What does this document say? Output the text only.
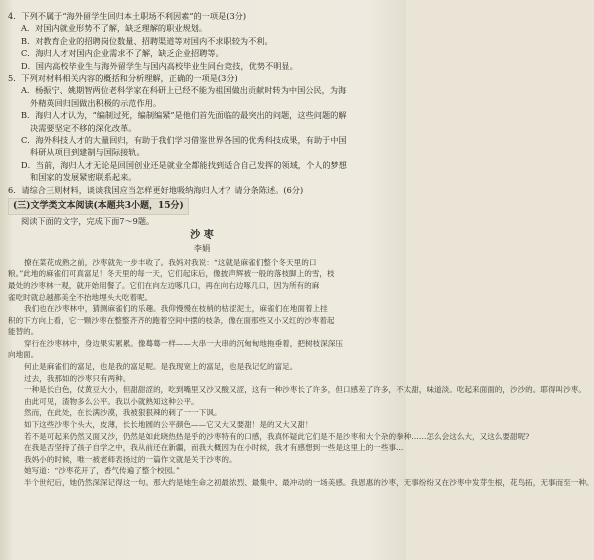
4．下列不属于“海外留学生回归本土职场不利因素”的一项是(3分)
A．对国内就业形势不了解，缺乏理解的职业规划。
B．对教育企业的招聘岗位数量、招聘渠道等对国内不求职较为不利。
C．海归人才对国内企业需求不了解，缺乏企业招聘等。
D．国内高校毕业生与海外留学生与国内高校毕业生同台竞技，优势不明显。
5．下列对材料相关内容的概括和分析理解，正确的一项是(3分)
A．杨振宁、姚期智两位老科学家在科研上已经不能为祖国做出贡献时转为中国公民，为海
外精英回归国做出积极的示范作用。
B．海归人才认为，“编制过死，编制编紧”是他们首先面临的最突出的问题，这些问题的解
决需要坚定不移的深化改革。
C．海外科技人才的大量回归，有助于我们学习借鉴世界各国的优秀科技成果，有助于中国
科研从项目到建制与国际接轨。
D．当前，海归人才无论是回国创业还是就业全都能找到适合自己发挥的领域，个人的梦想
和国家的发展紧密联系起来。
6．请综合三则材料，谈谈我国应当怎样更好地吸纳海归人才？请分条陈述。(6分)
(三)文学类文本阅读(本题共3小题，15分)
阅读下面的文字，完成下面7～9题。
沙 枣
李娟
撩在菜花成熟之前，沙枣就先一步丰收了。我妈对我说：“这就是麻雀们整个冬天里的口
粮。”此地的麻雀们可真富足！冬天里的每一天，它们起床后，像披声辉被一般的落枝脚上的雪，枝
最处的沙枣林一观，就开始用餐了。它们在向左边啄几口，再在向右边啄几口，因为所有的麻
雀吃时就总越都美全不抬地埋头大吃着呢。
我们也在沙枣林中，猜测麻雀们的乐趣。我仰慢慢在枝梢的枯涩泥土，麻雀们在地面着上挂
积的下方向上看，它一颗沙枣在整整齐齐的跑着空间中摆的枝条，像在面那些又小又红的沙枣着起
能替的。
穿行在沙枣林中，身边果实累累。像蓦蓦一样——大串一大串的沉甸甸地拖垂着，把树枝深深压
向地面。
何止是麻雀们的富足，也是我的富足呢。是我现宽上的富足，也是我记忆的富足。
过去，我那如的沙枣只有两种。
一种是长白色，仗黄豆大小，但甜甜涩的，吃到嘴里又沙又酸又涩，这有一种沙枣长了许多，但口感差了许多，不太甜，味道淡。吃起来面面的，沙沙的。耶得叫沙枣。
由此可见，渣物多么公平。我以小就熟知这种公平。
然而，在此处，在长满沙漠，我被狠狠辣的刺了一一下讽。
如下这些沙枣个头大，皮薄，长长地圆的公平颜色——它又大又要甜！是的又大又甜！
若不是可起来仍然又面又沙，仍然是如此晓热热是乎的沙枣特有的口感，我真怀疑此它们是不是沙枣和大个杂的拳种……怎么会这么大，又这么要甜呢?
在我是否坚持了孩子自学之中，我从前还在新疆，而我大概因为在小时候，我才有感想到一些是这里上的一些事...
我妈小的时候，唯一被老师表扬过的一篇作文就是关于沙枣的。
她写道：“沙枣花开了，香气传遍了整个校园。”
半个世纪后，她仍然深深记得这一句。那大约是她生命之初最浓烈、最集中、最冲动的一场美感。我恩惠的沙枣，无事纷纷又在沙枣中发芽生根，花鸟拓，无事而至一种。
